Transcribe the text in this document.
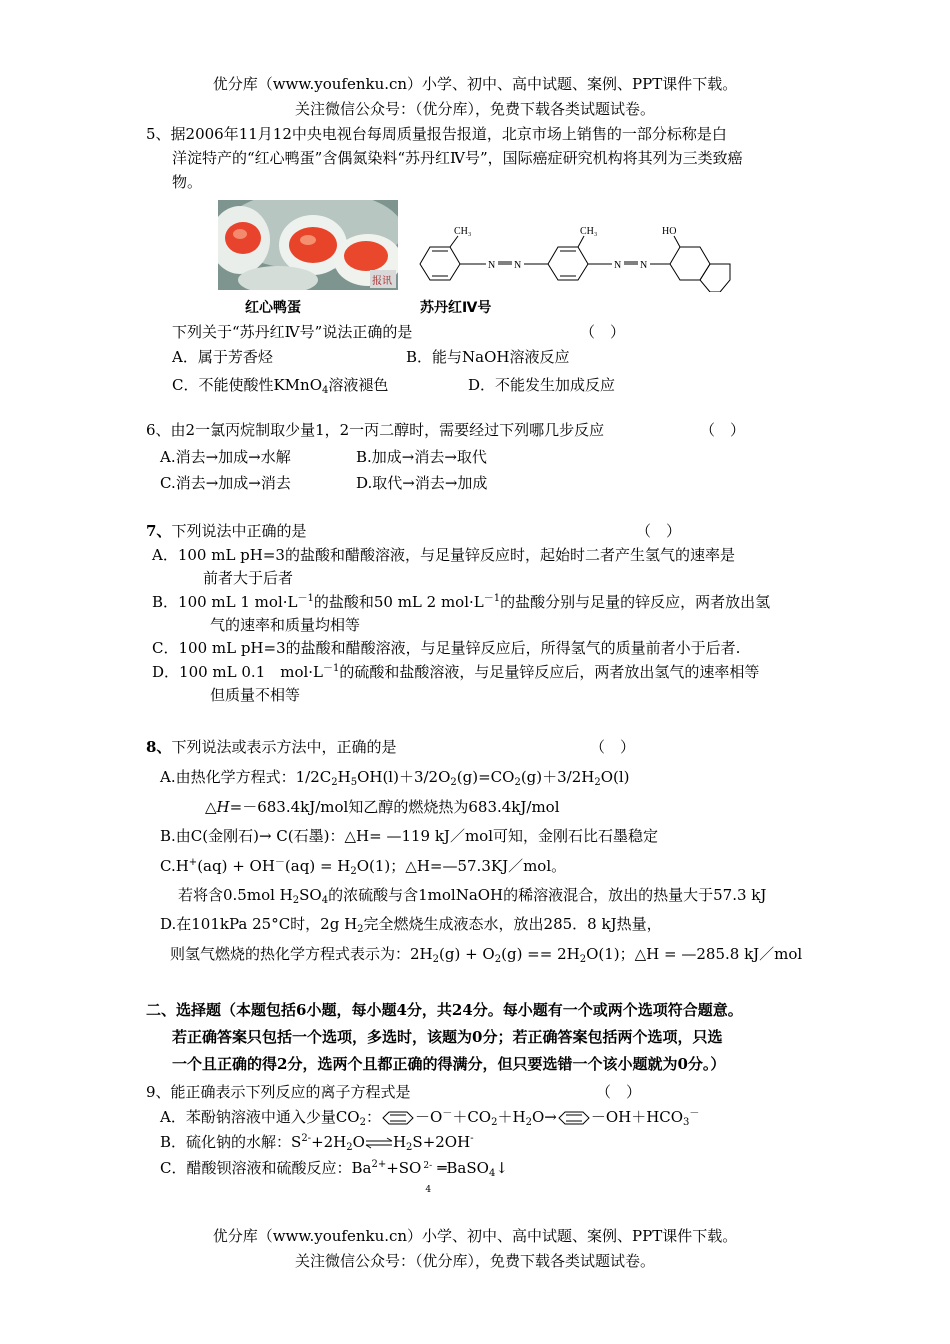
优分库（www.youfenku.cn）小学、初中、高中试题、案例、PPT课件下载。
关注微信公众号：（优分库），免费下载各类试题试卷。
5、据2006年11月12中央电视台每周质量报告报道，北京市场上销售的一部分标称是白
洋淀特产的“红心鸭蛋”含偶氮染料“苏丹红Ⅳ号”，国际癌症研究机构将其列为三类致癌
物。
报讯
CH₃	CH₃	HO
N N	N N
红心鸭蛋	苏丹红Ⅳ号
下列关于“苏丹红Ⅳ号”说法正确的是	（　）
A．属于芳香烃	B．能与NaOH溶液反应
C．不能使酸性KMnO$_4$溶液褪色	D．不能发生加成反应
6、由2一氯丙烷制取少量1，2一丙二醇时，需要经过下列哪几步反应	（　）
A.消去→加成→水解	B.加成→消去→取代
C.消去→加成→消去	D.取代→消去→加成
7、下列说法中正确的是	（　）
A．100 mL pH=3的盐酸和醋酸溶液，与足量锌反应时，起始时二者产生氢气的速率是
前者大于后者
B．100 mL 1 $mol\cdot L^{-1}$的盐酸和50 mL 2 $mol\cdot L^{-1}$的盐酸分别与足量的锌反应，两者放出氢
气的速率和质量均相等
C．100 mL pH=3的盐酸和醋酸溶液，与足量锌反应后，所得氢气的质量前者小于后者.
D．100 mL 0.1　$mol\cdot L^{-1}$的硫酸和盐酸溶液，与足量锌反应后，两者放出氢气的速率相等
但质量不相等
8、下列说法或表示方法中，正确的是	（　）
A.由热化学方程式：$1/2C_2H_5OH(l)+3/2O_2(g)=CO_2(g)+3/2H_2O(l)$
△H=－683.4kJ/mol知乙醇的燃烧热为683.4kJ/mol
B.由C(金刚石)→ C(石墨)：△H= —119 kJ／mol可知，金刚石比石墨稳定
$C.H^+(aq) + OH^-(aq) = H_2O(1)$；△H=—57.3KJ／mol。
若将含0.5mol $H_2SO_4$的浓硫酸与含1molNaOH的稀溶液混合，放出的热量大于57.3 kJ
D.在101kPa 25°C时，2g $H_2$完全燃烧生成液态水，放出285．8 kJ热量，
则氢气燃烧的热化学方程式表示为：$2H_2(g) + O_2(g) == 2H_2O(1)$；△H = —285.8 kJ／mol
二、选择题（本题包括6小题，每小题4分，共24分。每小题有一个或两个选项符合题意。
若正确答案只包括一个选项，多选时，该题为0分；若正确答案包括两个选项，只选
一个且正确的得2分，选两个且都正确的得满分，但只要选错一个该小题就为0分。）
9、能正确表示下列反应的离子方程式是	（　）
A．苯酚钠溶液中通入少量$CO_2$： $-O^-+CO_2+H_2O\to -OH+HCO_3^-$
B．硫化钠的水解：$S^{2-}+2H_2O\rightleftharpoons H_2S+2OH^-$
C．醋酸钡溶液和硫酸反应：$Ba^{2+}+SO$ 2-
4
═BaSO$_4$↓
优分库（www.youfenku.cn）小学、初中、高中试题、案例、PPT课件下载。
关注微信公众号：（优分库），免费下载各类试题试卷。
